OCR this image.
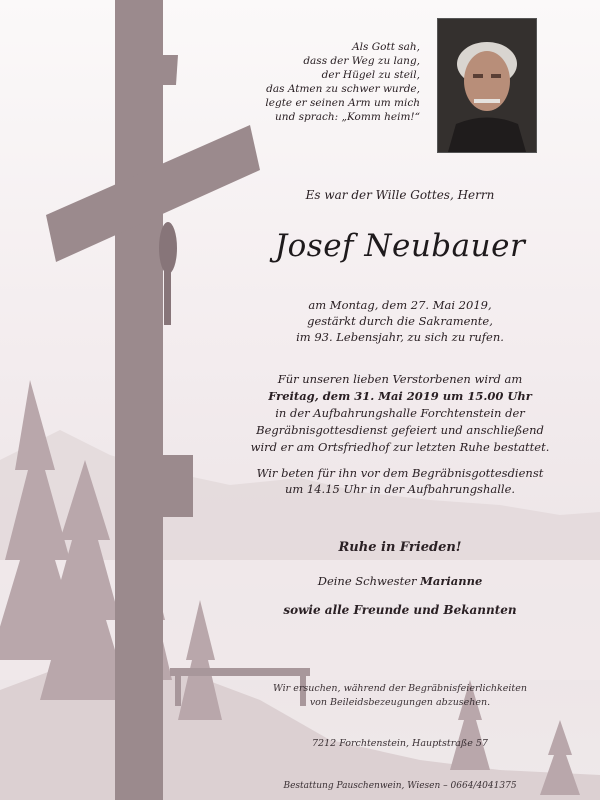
Als Gott sah,
dass der Weg zu lang,
der Hügel zu steil,
das Atmen zu schwer wurde,
legte er seinen Arm um mich
und sprach: „Komm heim!“
Es war der Wille Gottes, Herrn
Josef Neubauer
am Montag, dem 27. Mai 2019,
gestärkt durch die Sakramente,
im 93. Lebensjahr, zu sich zu rufen.
Für unseren lieben Verstorbenen wird am
Freitag, dem 31. Mai 2019 um 15.00 Uhr
in der Aufbahrungshalle Forchtenstein der
Begräbnisgottesdienst gefeiert und anschließend
wird er am Ortsfriedhof zur letzten Ruhe bestattet.
Wir beten für ihn vor dem Begräbnisgottesdienst
um 14.15 Uhr in der Aufbahrungshalle.
Ruhe in Frieden!
Deine Schwester Marianne
sowie alle Freunde und Bekannten
Wir ersuchen, während der Begräbnisfeierlichkeiten
von Beileidsbezeugungen abzusehen.
7212 Forchtenstein, Hauptstraße 57
Bestattung Pauschenwein, Wiesen – 0664/4041375
